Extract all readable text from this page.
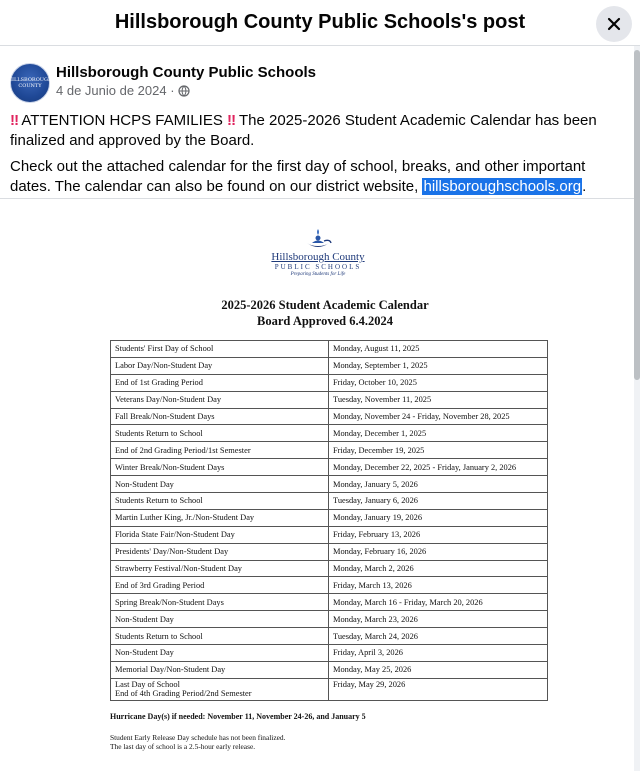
Hillsborough County Public Schools's post
HILLSBOROUGH
COUNTY
Hillsborough County Public Schools
4 de Junio de 2024
·

‼ ATTENTION HCPS FAMILIES ‼ The 2025-2026 Student Academic Calendar has been finalized and approved by the Board.

Check out the attached calendar for the first day of school, breaks, and other important dates. The calendar can also be found on our district website, hillsboroughschools.org.

Hillsborough County
PUBLIC SCHOOLS
Preparing Students for Life
2025-2026 Student Academic Calendar
Board Approved 6.4.2024
Students' First Day of School	Monday, August 11, 2025
Labor Day/Non-Student Day	Monday, September 1, 2025
End of 1st Grading Period	Friday, October 10, 2025
Veterans Day/Non-Student Day	Tuesday, November 11, 2025
Fall Break/Non-Student Days	Monday, November 24 - Friday, November 28, 2025
Students Return to School	Monday, December 1, 2025
End of 2nd Grading Period/1st Semester	Friday, December 19, 2025
Winter Break/Non-Student Days	Monday, December 22, 2025 - Friday, January 2, 2026
Non-Student Day	Monday, January 5, 2026
Students Return to School	Tuesday, January 6, 2026
Martin Luther King, Jr./Non-Student Day	Monday, January 19, 2026
Florida State Fair/Non-Student Day	Friday, February 13, 2026
Presidents' Day/Non-Student Day	Monday, February 16, 2026
Strawberry Festival/Non-Student Day	Monday, March 2, 2026
End of 3rd Grading Period	Friday, March 13, 2026
Spring Break/Non-Student Days	Monday, March 16 - Friday, March 20, 2026
Non-Student Day	Monday, March 23, 2026
Students Return to School	Tuesday, March 24, 2026
Non-Student Day	Friday, April 3, 2026
Memorial Day/Non-Student Day	Monday, May 25, 2026

Last Day of School
End of 4th Grading Period/2nd Semester	Friday, May 29, 2026
Hurricane Day(s) if needed: November 11, November 24-26, and January 5
Student Early Release Day schedule has not been finalized.
The last day of school is a 2.5-hour early release.
